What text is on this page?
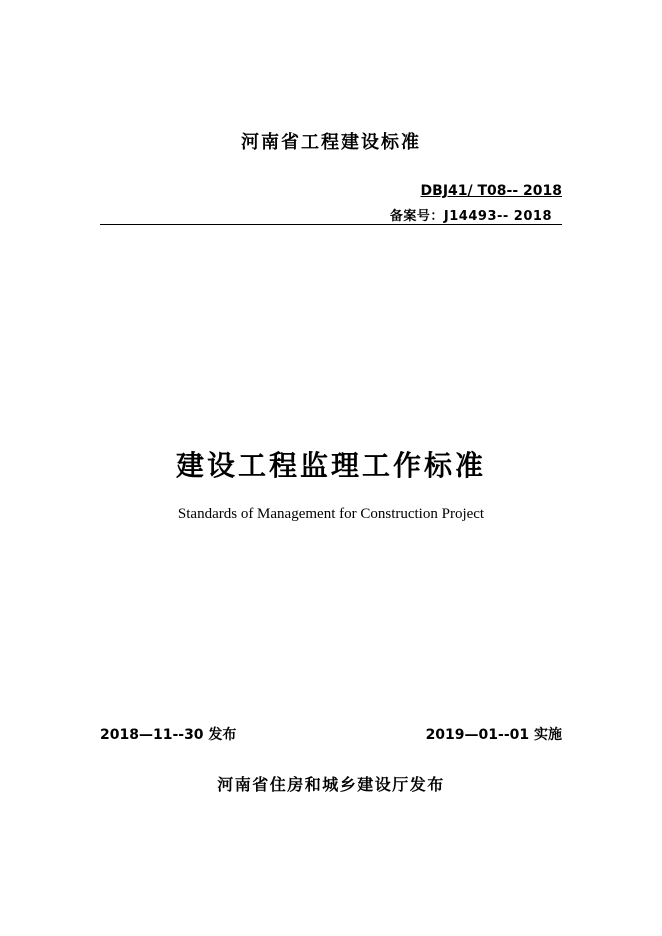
河南省工程建设标准
DBJ41/ T08-- 2018
备案号：J14493-- 2018
建设工程监理工作标准
Standards of Management for Construction Project
2018—11--30 发布	2019—01--01 实施
河南省住房和城乡建设厅发布
